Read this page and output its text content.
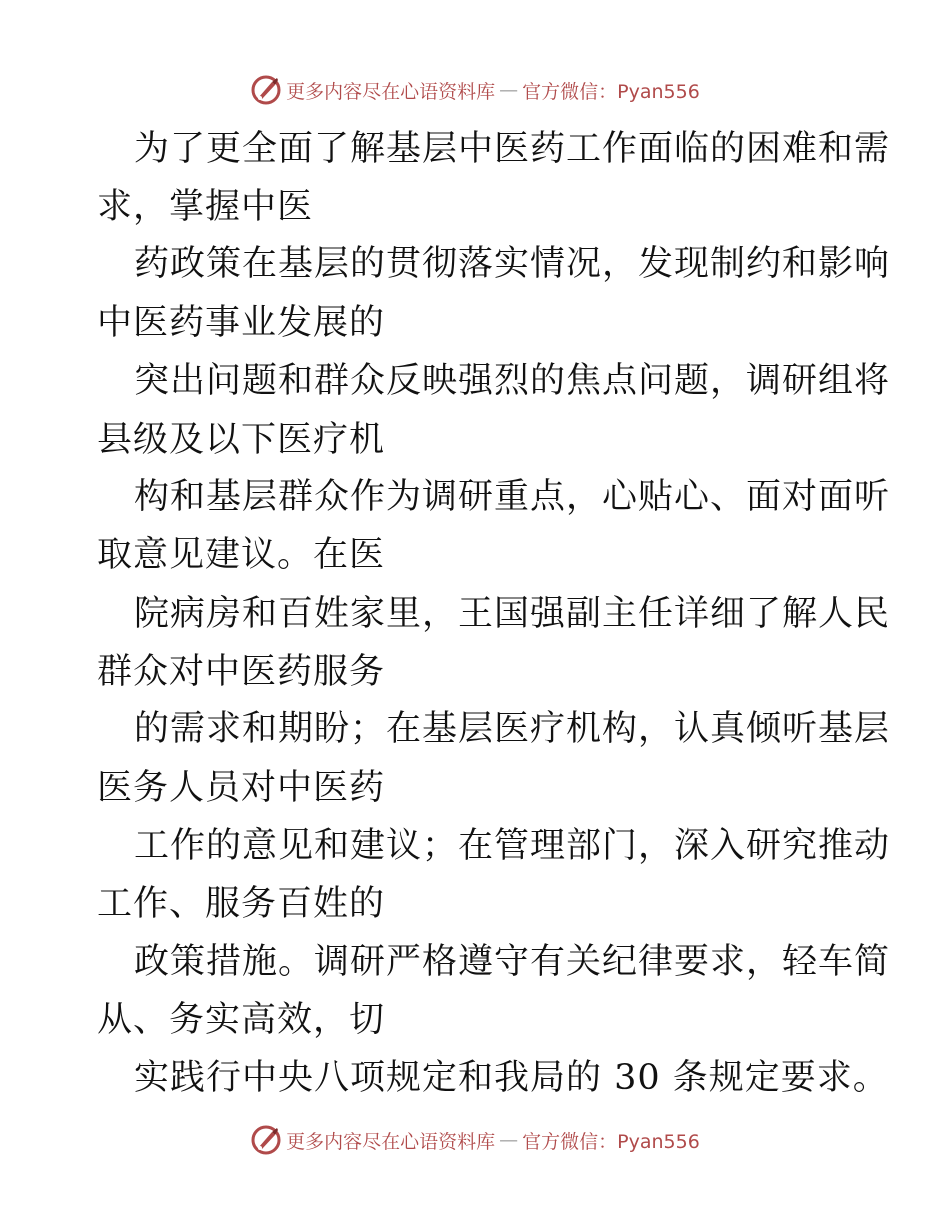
更多内容尽在心语资料库 — 官方微信：Pyan556
为了更全面了解基层中医药工作面临的困难和需
求，掌握中医
药政策在基层的贯彻落实情况，发现制约和影响
中医药事业发展的
突出问题和群众反映强烈的焦点问题，调研组将
县级及以下医疗机
构和基层群众作为调研重点，心贴心、面对面听
取意见建议。在医
院病房和百姓家里，王国强副主任详细了解人民
群众对中医药服务
的需求和期盼；在基层医疗机构，认真倾听基层
医务人员对中医药
工作的意见和建议；在管理部门，深入研究推动
工作、服务百姓的
政策措施。调研严格遵守有关纪律要求，轻车简
从、务实高效，切
实践行中央八项规定和我局的 30 条规定要求。
更多内容尽在心语资料库 — 官方微信：Pyan556
